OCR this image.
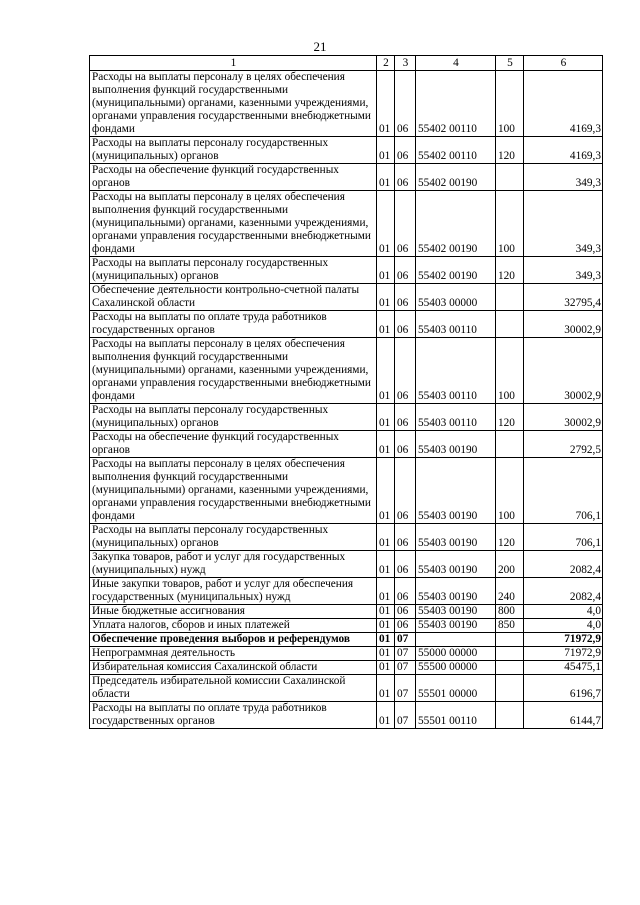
21
1	2	3	4	5	6
Расходы на выплаты персоналу в целях обеспечения выполнения функций государственными (муниципальными) органами, казенными учреждениями, органами управления государственными внебюджетными фондами	01	06	55402 00110	100	4169,3
Расходы на выплаты персоналу государственных (муниципальных) органов	01	06	55402 00110	120	4169,3
Расходы на обеспечение функций государственных органов	01	06	55402 00190		349,3
Расходы на выплаты персоналу в целях обеспечения выполнения функций государственными (муниципальными) органами, казенными учреждениями, органами управления государственными внебюджетными фондами	01	06	55402 00190	100	349,3
Расходы на выплаты персоналу государственных (муниципальных) органов	01	06	55402 00190	120	349,3
Обеспечение деятельности контрольно-счетной палаты Сахалинской области	01	06	55403 00000		32795,4
Расходы на выплаты по оплате труда работников государственных органов	01	06	55403 00110		30002,9
Расходы на выплаты персоналу в целях обеспечения выполнения функций государственными (муниципальными) органами, казенными учреждениями, органами управления государственными внебюджетными фондами	01	06	55403 00110	100	30002,9
Расходы на выплаты персоналу государственных (муниципальных) органов	01	06	55403 00110	120	30002,9
Расходы на обеспечение функций государственных органов	01	06	55403 00190		2792,5
Расходы на выплаты персоналу в целях обеспечения выполнения функций государственными (муниципальными) органами, казенными учреждениями, органами управления государственными внебюджетными фондами	01	06	55403 00190	100	706,1
Расходы на выплаты персоналу государственных (муниципальных) органов	01	06	55403 00190	120	706,1
Закупка товаров, работ и услуг для государственных (муниципальных) нужд	01	06	55403 00190	200	2082,4
Иные закупки товаров, работ и услуг для обеспечения государственных (муниципальных) нужд	01	06	55403 00190	240	2082,4
Иные бюджетные ассигнования	01	06	55403 00190	800	4,0
Уплата налогов, сборов и иных платежей	01	06	55403 00190	850	4,0
Обеспечение проведения выборов и референдумов	01	07			71972,9
Непрограммная деятельность	01	07	55000 00000		71972,9
Избирательная комиссия Сахалинской области	01	07	55500 00000		45475,1
Председатель избирательной комиссии Сахалинской области	01	07	55501 00000		6196,7
Расходы на выплаты по оплате труда работников государственных органов	01	07	55501 00110		6144,7
